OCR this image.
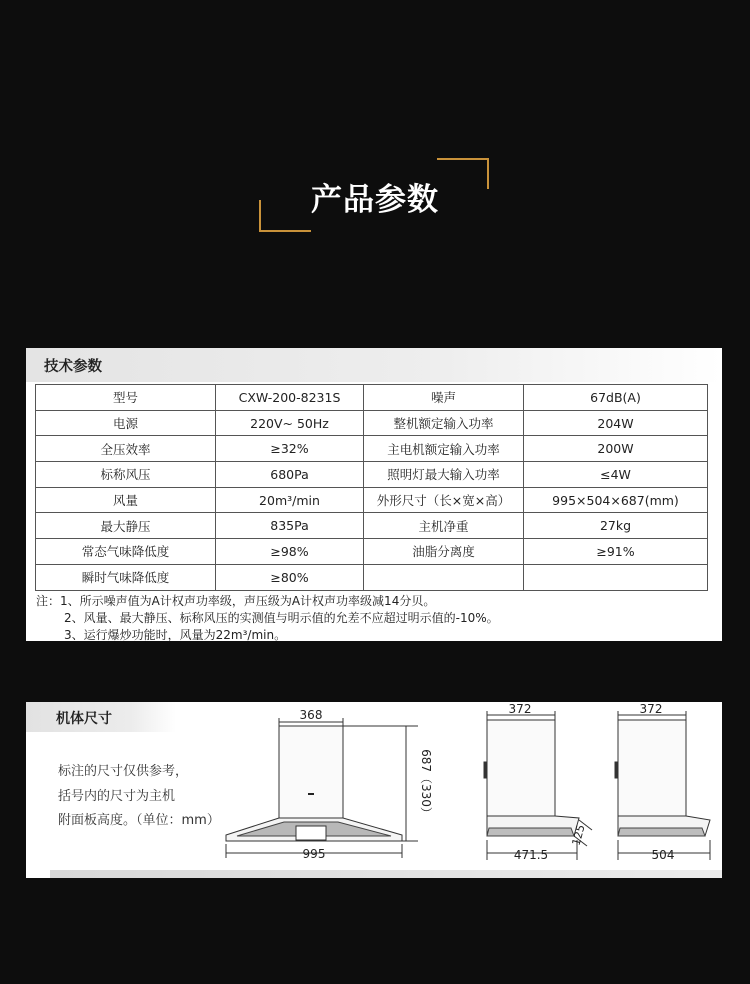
产品参数
技术参数
型号	CXW-200-8231S	噪声	67dB(A)
电源	220V~ 50Hz	整机额定输入功率	204W
全压效率	≥32%	主电机额定输入功率	200W
标称风压	680Pa	照明灯最大输入功率	≤4W
风量	20m³/min	外形尺寸（长×宽×高）	995×504×687(mm)
最大静压	835Pa	主机净重	27kg
常态气味降低度	≥98%	油脂分离度	≥91%
瞬时气味降低度	≥80%		
注：1、所示噪声值为A计权声功率级，声压级为A计权声功率级减14分贝。
2、风量、最大静压、标称风压的实测值与明示值的允差不应超过明示值的-10%。
3、运行爆炒功能时，风量为22m³/min。
机体尺寸
标注的尺寸仅供参考，
括号内的尺寸为主机
附面板高度。（单位：mm）
368
687（330）
995
372
125
471.5
372
504
